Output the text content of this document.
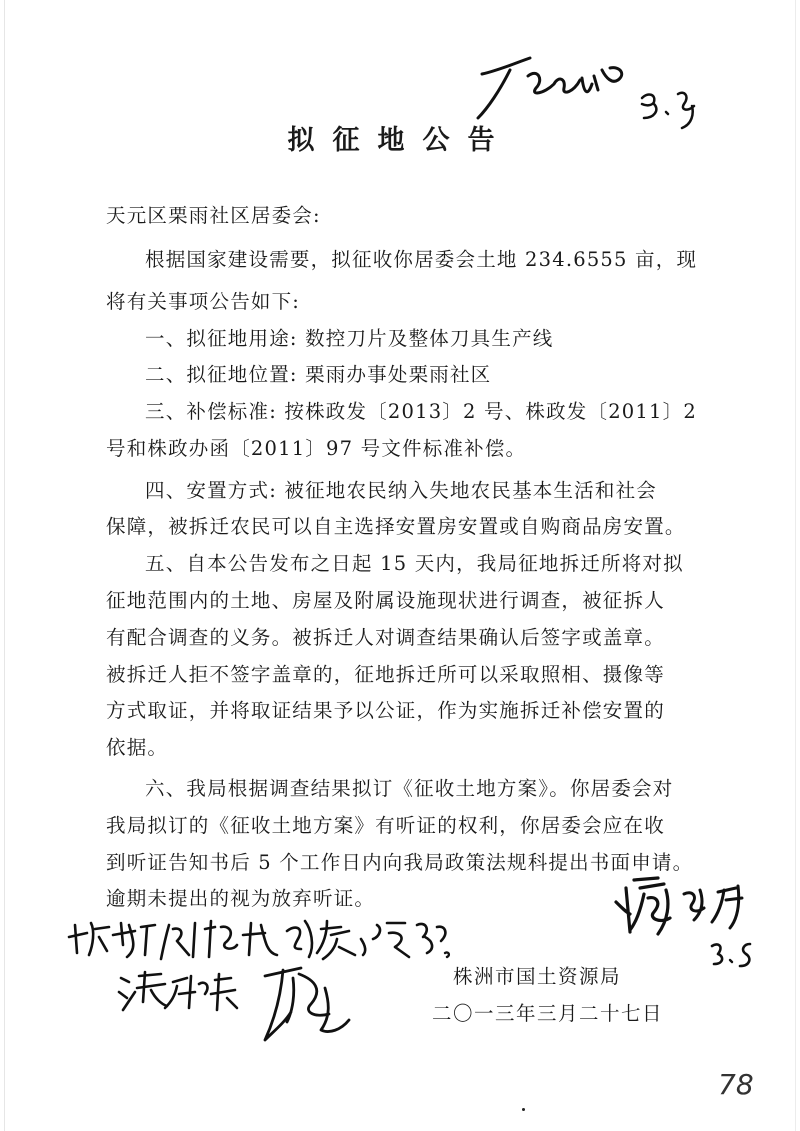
拟征地公告
天元区栗雨社区居委会:
根据国家建设需要，拟征收你居委会土地 234.6555 亩，现
将有关事项公告如下:
一、拟征地用途: 数控刀片及整体刀具生产线
二、拟征地位置: 栗雨办事处栗雨社区
三、补偿标准: 按株政发〔2013〕2 号、株政发〔2011〕2
号和株政办函〔2011〕97 号文件标准补偿。
四、安置方式: 被征地农民纳入失地农民基本生活和社会
保障，被拆迁农民可以自主选择安置房安置或自购商品房安置。
五、自本公告发布之日起 15 天内，我局征地拆迁所将对拟
征地范围内的土地、房屋及附属设施现状进行调查，被征拆人
有配合调查的义务。被拆迁人对调查结果确认后签字或盖章。
被拆迁人拒不签字盖章的，征地拆迁所可以采取照相、摄像等
方式取证，并将取证结果予以公证，作为实施拆迁补偿安置的
依据。
六、我局根据调查结果拟订《征收土地方案》。你居委会对
我局拟订的《征收土地方案》有听证的权利，你居委会应在收
到听证告知书后 5 个工作日内向我局政策法规科提出书面申请。
逾期未提出的视为放弃听证。
株洲市国土资源局
二〇一三年三月二十七日
78
